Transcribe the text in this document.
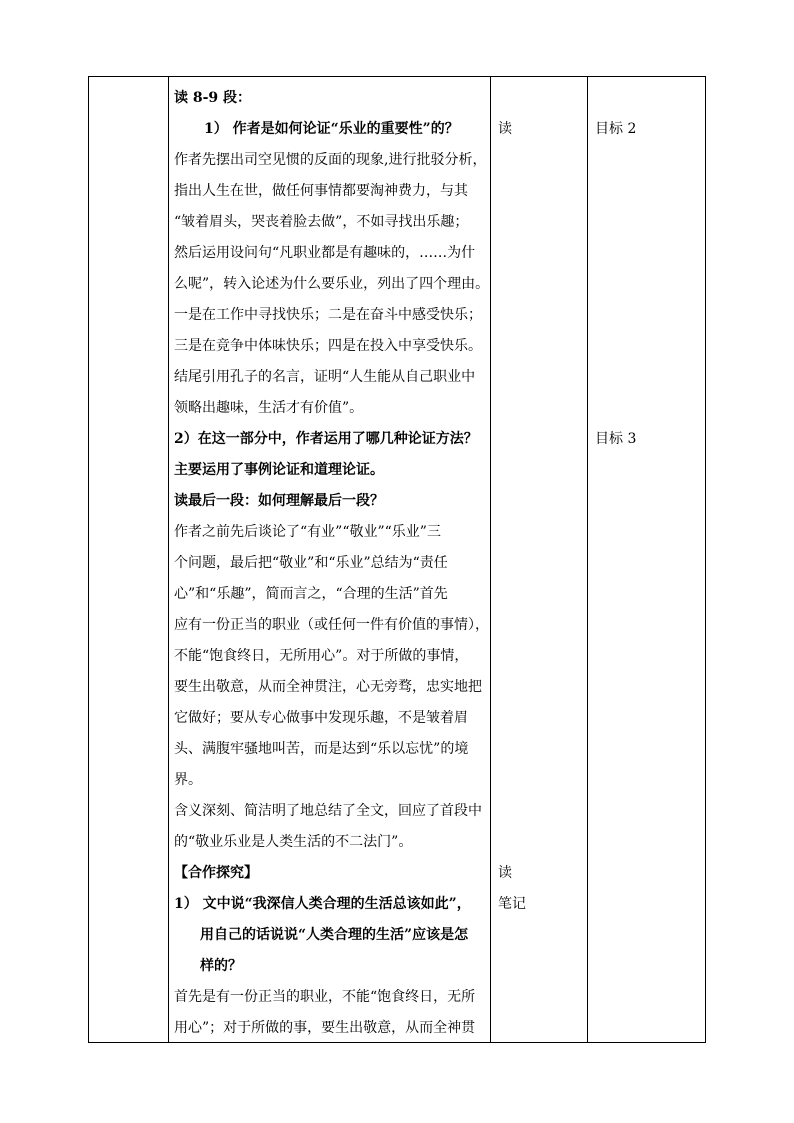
读 8-9 段：
1） 作者是如何论证“乐业的重要性”的？
作者先摆出司空见惯的反面的现象,进行批驳分析，
指出人生在世，做任何事情都要淘神费力，与其
“皱着眉头，哭丧着脸去做”，不如寻找出乐趣；
然后运用设问句“凡职业都是有趣味的，……为什
么呢”，转入论述为什么要乐业，列出了四个理由。
一是在工作中寻找快乐；二是在奋斗中感受快乐；
三是在竞争中体味快乐；四是在投入中享受快乐。
结尾引用孔子的名言，证明“人生能从自己职业中
领略出趣味，生活才有价值”。
2）在这一部分中，作者运用了哪几种论证方法？
主要运用了事例论证和道理论证。
读最后一段：如何理解最后一段？
作者之前先后谈论了“有业”“敬业”“乐业”三
个问题，最后把“敬业”和“乐业”总结为“责任
心”和“乐趣”，简而言之，“合理的生活”首先
应有一份正当的职业（或任何一件有价值的事情），
不能“饱食终日，无所用心”。对于所做的事情，
要生出敬意，从而全神贯注，心无旁骛，忠实地把
它做好；要从专心做事中发现乐趣，不是皱着眉
头、满腹牢骚地叫苦，而是达到“乐以忘忧”的境
界。
含义深刻、简洁明了地总结了全文，回应了首段中
的“敬业乐业是人类生活的不二法门”。
【合作探究】
1） 文中说“我深信人类合理的生活总该如此”，
用自己的话说说“人类合理的生活”应该是怎
样的？
首先是有一份正当的职业，不能“饱食终日，无所
用心”；对于所做的事，要生出敬意，从而全神贯
读
读
笔记
目标 2
目标 3
